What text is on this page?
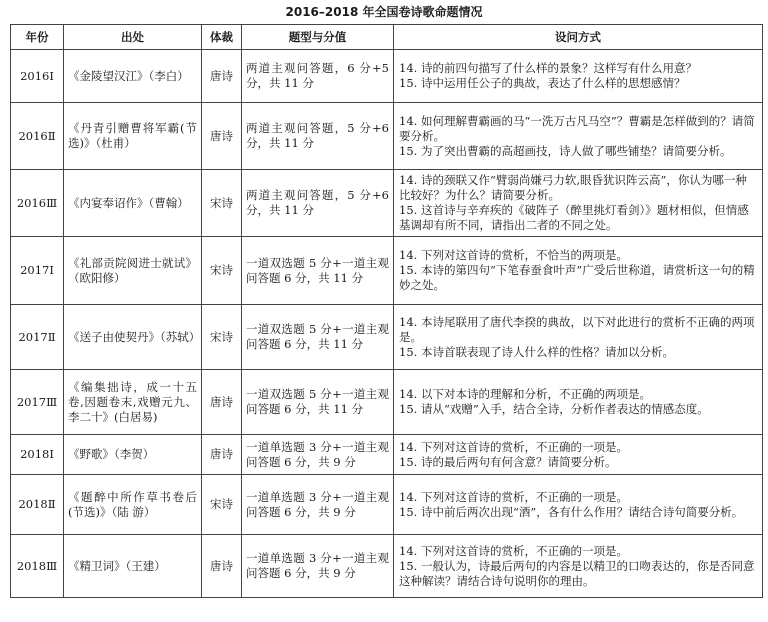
2016–2018 年全国卷诗歌命题情况
年份	出处	体裁	题型与分值	设问方式
2016Ⅰ	《金陵望汉江》（李白）	唐诗	两道主观问答题，6 分+5 分，共 11 分	14. 诗的前四句描写了什么样的景象？这样写有什么用意？
15. 诗中运用任公子的典故，表达了什么样的思想感情？

2016Ⅱ	《丹青引赠曹将军霸(节选)》（杜甫）	唐诗	两道主观问答题，5 分+6 分，共 11 分	14. 如何理解曹霸画的马“一洗万古凡马空”？曹霸是怎样做到的？请简要分析。
15. 为了突出曹霸的高超画技，诗人做了哪些铺垫？请简要分析。

2016Ⅲ	《内宴奉诏作》（曹翰）	宋诗	两道主观问答题，5 分+6 分，共 11 分	14. 诗的颈联又作“臂弱尚嫌弓力软,眼昏犹识阵云高”，你认为哪一种比较好？为什么？请简要分析。
15. 这首诗与辛弃疾的《破阵子（醉里挑灯看剑）》题材相似，但情感基调却有所不同，请指出二者的不同之处。

2017Ⅰ	《礼部贡院阅进士就试》（欧阳修）	宋诗	一道双选题 5 分+一道主观问答题 6 分，共 11 分	14. 下列对这首诗的赏析，不恰当的两项是。
15. 本诗的第四句“下笔春蚕食叶声”广受后世称道，请赏析这一句的精妙之处。

2017Ⅱ	《送子由使契丹》（苏轼）	宋诗	一道双选题 5 分+一道主观问答题 6 分，共 11 分	14. 本诗尾联用了唐代李揆的典故，以下对此进行的赏析不正确的两项是。
15. 本诗首联表现了诗人什么样的性格？请加以分析。

2017Ⅲ	《编集拙诗，成一十五卷,因题卷末,戏赠元九、李二十》(白居易)	唐诗	一道双选题 5 分+一道主观问答题 6 分，共 11 分	14. 以下对本诗的理解和分析，不正确的两项是。
15. 请从“戏赠”入手，结合全诗，分析作者表达的情感态度。

2018Ⅰ	《野歌》（李贺）	唐诗	一道单选题 3 分+一道主观问答题 6 分，共 9 分	14. 下列对这首诗的赏析，不正确的一项是。
15. 诗的最后两句有何含意？请简要分析。

2018Ⅱ	《题醉中所作草书卷后(节选)》（陆 游）	宋诗	一道单选题 3 分+一道主观问答题 6 分，共 9 分	14. 下列对这首诗的赏析，不正确的一项是。
15. 诗中前后两次出现“酒”，各有什么作用？请结合诗句简要分析。

2018Ⅲ	《精卫词》（王建）	唐诗	一道单选题 3 分+一道主观问答题 6 分，共 9 分	14. 下列对这首诗的赏析，不正确的一项是。
15. 一般认为，诗最后两句的内容是以精卫的口吻表达的，你是否同意这种解读？请结合诗句说明你的理由。
